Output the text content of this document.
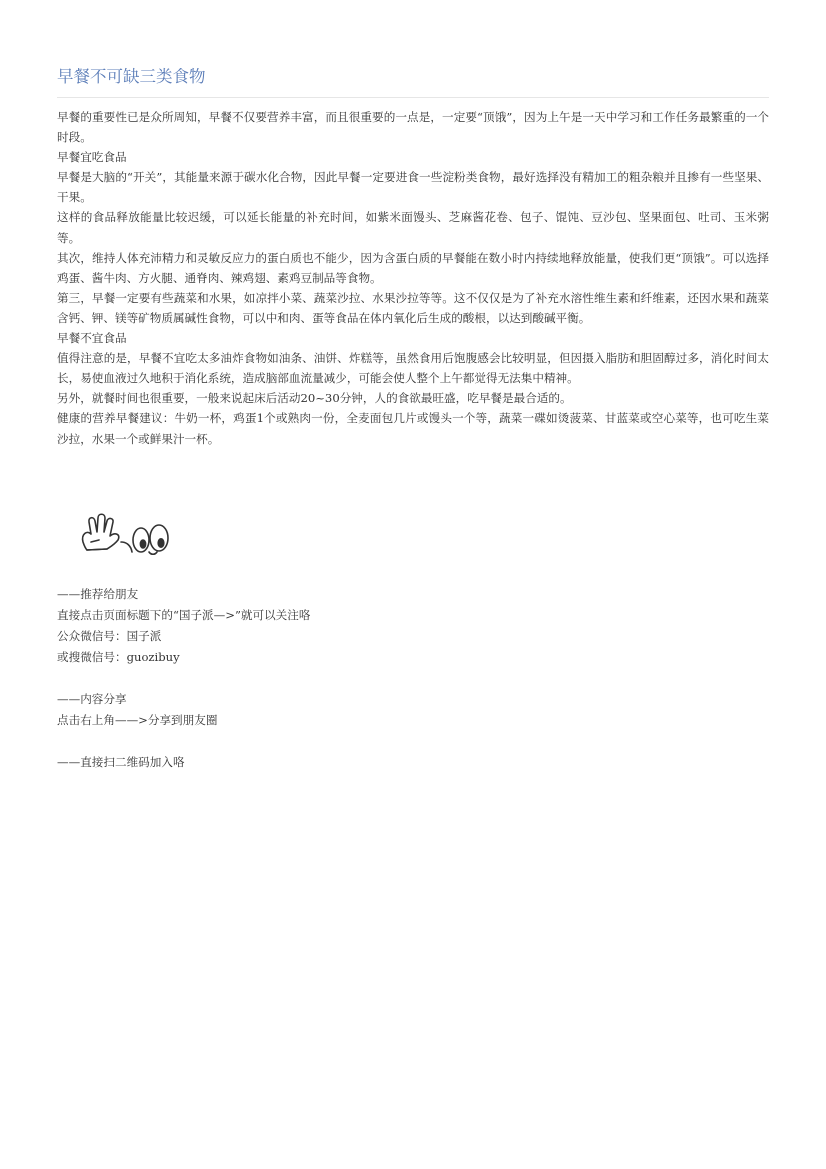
早餐不可缺三类食物

早餐的重要性已是众所周知，早餐不仅要营养丰富，而且很重要的一点是，一定要“顶饿”，因为上午是一天中学习和工作任务最繁重的一个时段。

早餐宜吃食品

早餐是大脑的“开关”，其能量来源于碳水化合物，因此早餐一定要进食一些淀粉类食物，最好选择没有精加工的粗杂粮并且掺有一些坚果、干果。

这样的食品释放能量比较迟缓，可以延长能量的补充时间，如紫米面馒头、芝麻酱花卷、包子、馄饨、豆沙包、坚果面包、吐司、玉米粥等。

其次，维持人体充沛精力和灵敏反应力的蛋白质也不能少，因为含蛋白质的早餐能在数小时内持续地释放能量，使我们更“顶饿”。可以选择鸡蛋、酱牛肉、方火腿、通脊肉、辣鸡翅、素鸡豆制品等食物。

第三，早餐一定要有些蔬菜和水果，如凉拌小菜、蔬菜沙拉、水果沙拉等等。这不仅仅是为了补充水溶性维生素和纤维素，还因水果和蔬菜含钙、钾、镁等矿物质属碱性食物，可以中和肉、蛋等食品在体内氧化后生成的酸根，以达到酸碱平衡。

早餐不宜食品

值得注意的是，早餐不宜吃太多油炸食物如油条、油饼、炸糕等，虽然食用后饱腹感会比较明显，但因摄入脂肪和胆固醇过多，消化时间太长，易使血液过久地积于消化系统，造成脑部血流量减少，可能会使人整个上午都觉得无法集中精神。

另外，就餐时间也很重要，一般来说起床后活动20~30分钟，人的食欲最旺盛，吃早餐是最合适的。

健康的营养早餐建议：牛奶一杯，鸡蛋1个或熟肉一份，全麦面包几片或馒头一个等，蔬菜一碟如烫菠菜、甘蓝菜或空心菜等，也可吃生菜沙拉，水果一个或鲜果汁一杯。

——推荐给朋友

直接点击页面标题下的“国子派—>”就可以关注咯

公众微信号：国子派

或搜微信号：guozibuy

——内容分享

点击右上角——>分享到朋友圈

——直接扫二维码加入咯
